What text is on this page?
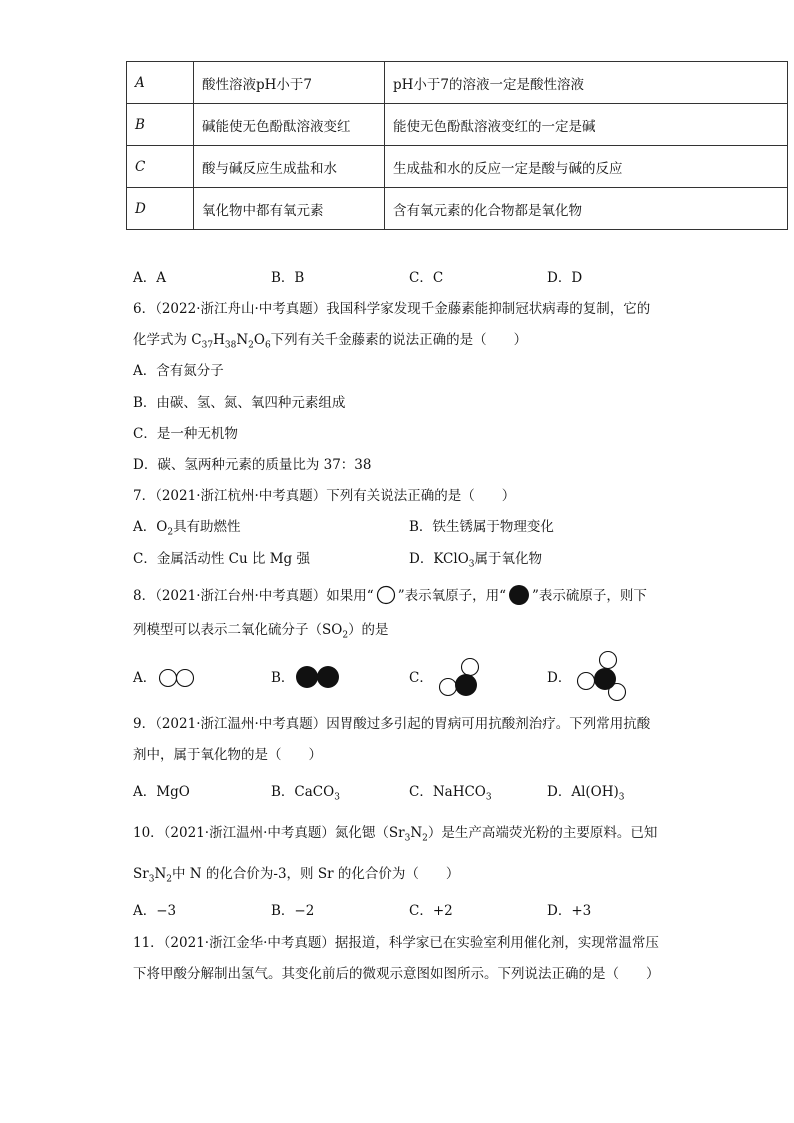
A	酸性溶液pH小于7	pH小于7的溶液一定是酸性溶液
B	碱能使无色酚酞溶液变红	能使无色酚酞溶液变红的一定是碱
C	酸与碱反应生成盐和水	生成盐和水的反应一定是酸与碱的反应
D	氧化物中都有氧元素	含有氧元素的化合物都是氧化物
A．A	B．B	C．C	D．D
6．（2022·浙江舟山·中考真题）我国科学家发现千金藤素能抑制冠状病毒的复制，它的
化学式为 $C_{37}H_{38}N_2O_6$下列有关千金藤素的说法正确的是（　　）
A．含有氮分子
B．由碳、氢、氮、氧四种元素组成
C．是一种无机物
D．碳、氢两种元素的质量比为 37：38
7．（2021·浙江杭州·中考真题）下列有关说法正确的是（　　）
A．$O_2$具有助燃性	B．铁生锈属于物理变化
C．金属活动性 Cu 比 Mg 强	D．KClO$_3$属于氧化物
8．（2021·浙江台州·中考真题）如果用“ ”表示氧原子，用“ ”表示硫原子，则下
列模型可以表示二氧化硫分子$(SO_2)$的是
A．	B．	C．	D．
9．（2021·浙江温州·中考真题）因胃酸过多引起的胃病可用抗酸剂治疗。下列常用抗酸
剂中，属于氧化物的是（　　）
A．MgO	B．CaCO$_3$	C．NaHCO$_3$	D．$Al(OH)_3$
10．（2021·浙江温州·中考真题）氮化锶$(Sr_3N_2)$是生产高端荧光粉的主要原料。已知
$Sr_3N_2$中 N 的化合价为-3，则 Sr 的化合价为（　　）
A．−3	B．−2	C．+2	D．+3
11．（2021·浙江金华·中考真题）据报道，科学家已在实验室利用催化剂，实现常温常压
下将甲酸分解制出氢气。其变化前后的微观示意图如图所示。下列说法正确的是（　　）
